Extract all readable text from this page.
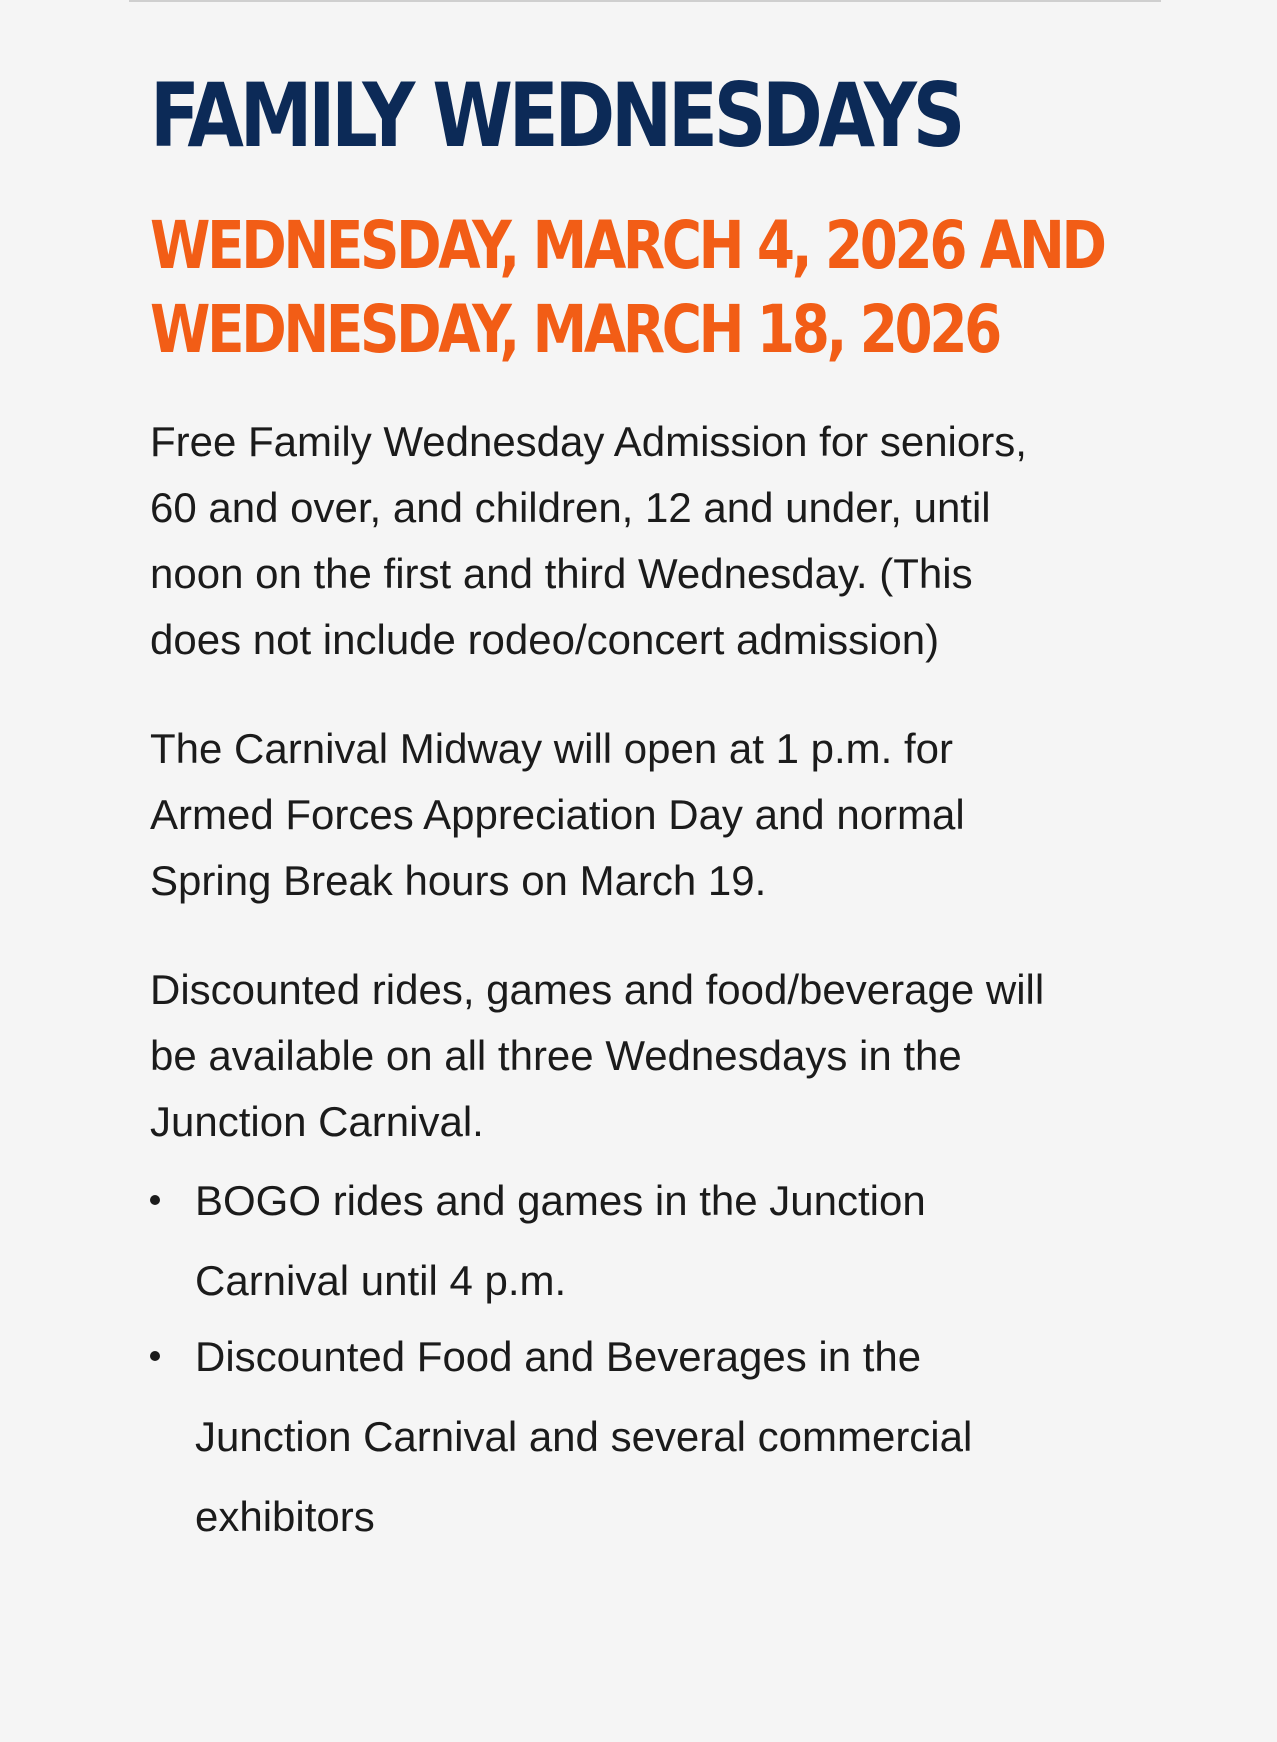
FAMILY WEDNESDAYS
WEDNESDAY, MARCH 4, 2026 AND
WEDNESDAY, MARCH 18, 2026

Free Family Wednesday Admission for seniors,
60 and over, and children, 12 and under, until
noon on the first and third Wednesday. (This
does not include rodeo/concert admission)

The Carnival Midway will open at 1 p.m. for
Armed Forces Appreciation Day and normal
Spring Break hours on March 19.

Discounted rides, games and food/beverage will
be available on all three Wednesdays in the
Junction Carnival.

BOGO rides and games in the Junction
Carnival until 4 p.m.
Discounted Food and Beverages in the
Junction Carnival and several commercial
exhibitors
